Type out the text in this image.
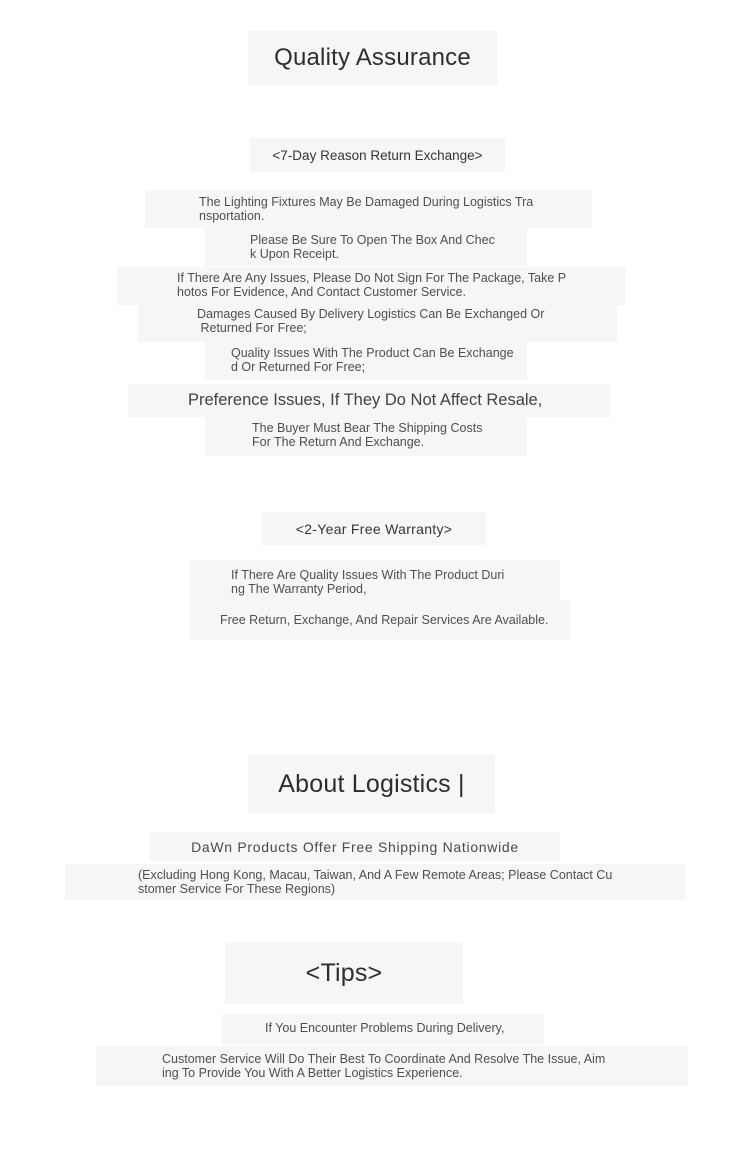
Quality Assurance
<7-Day Reason Return Exchange>
The Lighting Fixtures May Be Damaged During Logistics Tra
nsportation.
Please Be Sure To Open The Box And Chec
k Upon Receipt.
If There Are Any Issues, Please Do Not Sign For The Package, Take P
hotos For Evidence, And Contact Customer Service.
Damages Caused By Delivery Logistics Can Be Exchanged Or
Returned For Free;
Quality Issues With The Product Can Be Exchange
d Or Returned For Free;
Preference Issues, If They Do Not Affect Resale,
The Buyer Must Bear The Shipping Costs
For The Return And Exchange.
<2-Year Free Warranty>
If There Are Quality Issues With The Product Duri
ng The Warranty Period,
Free Return, Exchange, And Repair Services Are Available.
About Logistics |
DaWn Products Offer Free Shipping Nationwide
(Excluding Hong Kong, Macau, Taiwan, And A Few Remote Areas; Please Contact Cu
stomer Service For These Regions)
<Tips>
If You Encounter Problems During Delivery,
Customer Service Will Do Their Best To Coordinate And Resolve The Issue, Aim
ing To Provide You With A Better Logistics Experience.
